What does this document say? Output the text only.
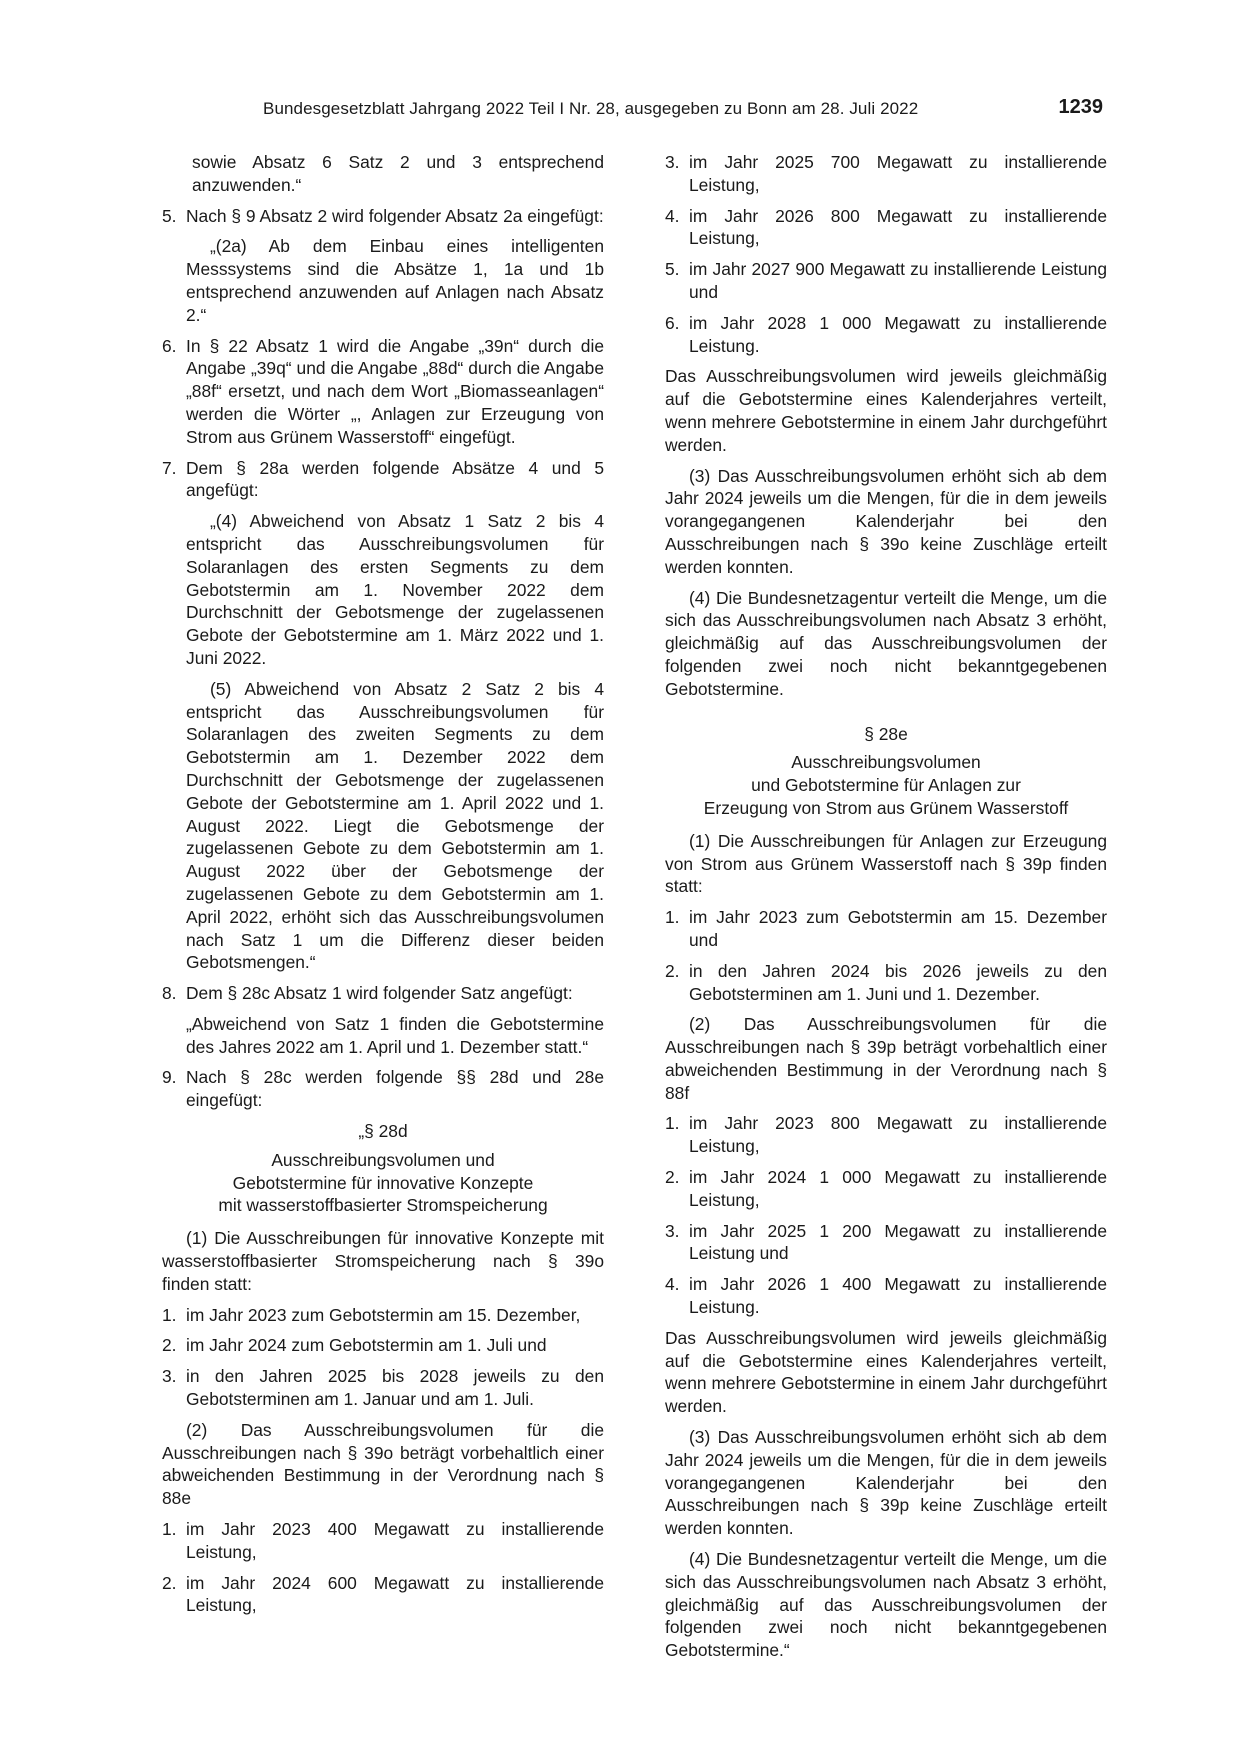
Bundesgesetzblatt Jahrgang 2022 Teil I Nr. 28, ausgegeben zu Bonn am 28. Juli 2022	1239

sowie Absatz 6 Satz 2 und 3 entsprechend anzuwenden.“

5. Nach § 9 Absatz 2 wird folgender Absatz 2a eingefügt:

„(2a) Ab dem Einbau eines intelligenten Messsystems sind die Absätze 1, 1a und 1b entsprechend anzuwenden auf Anlagen nach Absatz 2.“

6. In § 22 Absatz 1 wird die Angabe „39n“ durch die Angabe „39q“ und die Angabe „88d“ durch die Angabe „88f“ ersetzt, und nach dem Wort „Biomasseanlagen“ werden die Wörter „, Anlagen zur Erzeugung von Strom aus Grünem Wasserstoff“ eingefügt.
7. Dem § 28a werden folgende Absätze 4 und 5 angefügt:

„(4) Abweichend von Absatz 1 Satz 2 bis 4 entspricht das Ausschreibungsvolumen für Solaranlagen des ersten Segments zu dem Gebotstermin am 1. November 2022 dem Durchschnitt der Gebotsmenge der zugelassenen Gebote der Gebotstermine am 1. März 2022 und 1. Juni 2022.

(5) Abweichend von Absatz 2 Satz 2 bis 4 entspricht das Ausschreibungsvolumen für Solaranlagen des zweiten Segments zu dem Gebotstermin am 1. Dezember 2022 dem Durchschnitt der Gebotsmenge der zugelassenen Gebote der Gebotstermine am 1. April 2022 und 1. August 2022. Liegt die Gebotsmenge der zugelassenen Gebote zu dem Gebotstermin am 1. August 2022 über der Gebotsmenge der zugelassenen Gebote zu dem Gebotstermin am 1. April 2022, erhöht sich das Ausschreibungsvolumen nach Satz 1 um die Differenz dieser beiden Gebotsmengen.“

8. Dem § 28c Absatz 1 wird folgender Satz angefügt:

„Abweichend von Satz 1 finden die Gebotstermine des Jahres 2022 am 1. April und 1. Dezember statt.“

9. Nach § 28c werden folgende §§ 28d und 28e eingefügt:

„§ 28d

Ausschreibungsvolumen und

Gebotstermine für innovative Konzepte

mit wasserstoffbasierter Stromspeicherung

(1) Die Ausschreibungen für innovative Konzepte mit wasserstoffbasierter Stromspeicherung nach § 39o finden statt:

1. im Jahr 2023 zum Gebotstermin am 15. Dezember,
2. im Jahr 2024 zum Gebotstermin am 1. Juli und
3. in den Jahren 2025 bis 2028 jeweils zu den Gebotsterminen am 1. Januar und am 1. Juli.

(2) Das Ausschreibungsvolumen für die Ausschreibungen nach § 39o beträgt vorbehaltlich einer abweichenden Bestimmung in der Verordnung nach § 88e

1. im Jahr 2023 400 Megawatt zu installierende Leistung,
2. im Jahr 2024 600 Megawatt zu installierende Leistung,
3. im Jahr 2025 700 Megawatt zu installierende Leistung,
4. im Jahr 2026 800 Megawatt zu installierende Leistung,
5. im Jahr 2027 900 Megawatt zu installierende Leistung und
6. im Jahr 2028 1 000 Megawatt zu installierende Leistung.

Das Ausschreibungsvolumen wird jeweils gleichmäßig auf die Gebotstermine eines Kalenderjahres verteilt, wenn mehrere Gebotstermine in einem Jahr durchgeführt werden.

(3) Das Ausschreibungsvolumen erhöht sich ab dem Jahr 2024 jeweils um die Mengen, für die in dem jeweils vorangegangenen Kalenderjahr bei den Ausschreibungen nach § 39o keine Zuschläge erteilt werden konnten.

(4) Die Bundesnetzagentur verteilt die Menge, um die sich das Ausschreibungsvolumen nach Absatz 3 erhöht, gleichmäßig auf das Ausschreibungsvolumen der folgenden zwei noch nicht bekanntgegebenen Gebotstermine.

§ 28e

Ausschreibungsvolumen

und Gebotstermine für Anlagen zur

Erzeugung von Strom aus Grünem Wasserstoff

(1) Die Ausschreibungen für Anlagen zur Erzeugung von Strom aus Grünem Wasserstoff nach § 39p finden statt:

1. im Jahr 2023 zum Gebotstermin am 15. Dezember und
2. in den Jahren 2024 bis 2026 jeweils zu den Gebotsterminen am 1. Juni und 1. Dezember.

(2) Das Ausschreibungsvolumen für die Ausschreibungen nach § 39p beträgt vorbehaltlich einer abweichenden Bestimmung in der Verordnung nach § 88f

1. im Jahr 2023 800 Megawatt zu installierende Leistung,
2. im Jahr 2024 1 000 Megawatt zu installierende Leistung,
3. im Jahr 2025 1 200 Megawatt zu installierende Leistung und
4. im Jahr 2026 1 400 Megawatt zu installierende Leistung.

Das Ausschreibungsvolumen wird jeweils gleichmäßig auf die Gebotstermine eines Kalenderjahres verteilt, wenn mehrere Gebotstermine in einem Jahr durchgeführt werden.

(3) Das Ausschreibungsvolumen erhöht sich ab dem Jahr 2024 jeweils um die Mengen, für die in dem jeweils vorangegangenen Kalenderjahr bei den Ausschreibungen nach § 39p keine Zuschläge erteilt werden konnten.

(4) Die Bundesnetzagentur verteilt die Menge, um die sich das Ausschreibungsvolumen nach Absatz 3 erhöht, gleichmäßig auf das Ausschreibungsvolumen der folgenden zwei noch nicht bekanntgegebenen Gebotstermine.“
